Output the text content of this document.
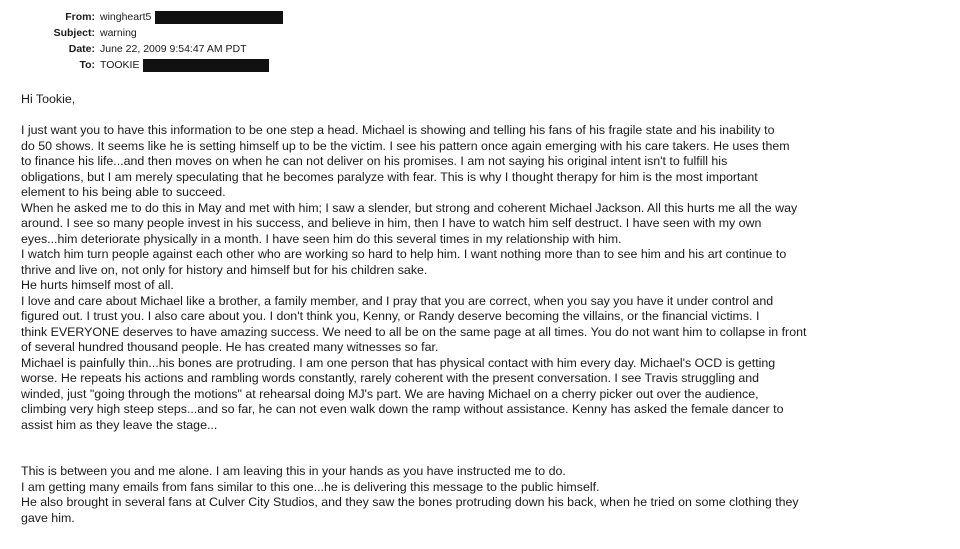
From: wingheart5
Subject: warning
Date: June 22, 2009 9:54:47 AM PDT
To: TOOKIE

Hi Tookie,

I just want you to have this information to be one step a head. Michael is showing and telling his fans of his fragile state and his inability to

do 50 shows. It seems like he is setting himself up to be the victim. I see his pattern once again emerging with his care takers. He uses them

to finance his life...and then moves on when he can not deliver on his promises. I am not saying his original intent isn't to fulfill his

obligations, but I am merely speculating that he becomes paralyze with fear. This is why I thought therapy for him is the most important

element to his being able to succeed.

When he asked me to do this in May and met with him; I saw a slender, but strong and coherent Michael Jackson. All this hurts me all the way

around. I see so many people invest in his success, and believe in him, then I have to watch him self destruct. I have seen with my own

eyes...him deteriorate physically in a month. I have seen him do this several times in my relationship with him.

I watch him turn people against each other who are working so hard to help him. I want nothing more than to see him and his art continue to

thrive and live on, not only for history and himself but for his children sake.

He hurts himself most of all.

I love and care about Michael like a brother, a family member, and I pray that you are correct, when you say you have it under control and

figured out. I trust you. I also care about you. I don't think you, Kenny, or Randy deserve becoming the villains, or the financial victims. I

think EVERYONE deserves to have amazing success. We need to all be on the same page at all times. You do not want him to collapse in front

of several hundred thousand people. He has created many witnesses so far.

Michael is painfully thin...his bones are protruding. I am one person that has physical contact with him every day. Michael's OCD is getting

worse. He repeats his actions and rambling words constantly, rarely coherent with the present conversation. I see Travis struggling and

winded, just "going through the motions" at rehearsal doing MJ's part. We are having Michael on a cherry picker out over the audience,

climbing very high steep steps...and so far, he can not even walk down the ramp without assistance. Kenny has asked the female dancer to

assist him as they leave the stage...

This is between you and me alone. I am leaving this in your hands as you have instructed me to do.

I am getting many emails from fans similar to this one...he is delivering this message to the public himself.

He also brought in several fans at Culver City Studios, and they saw the bones protruding down his back, when he tried on some clothing they

gave him.
